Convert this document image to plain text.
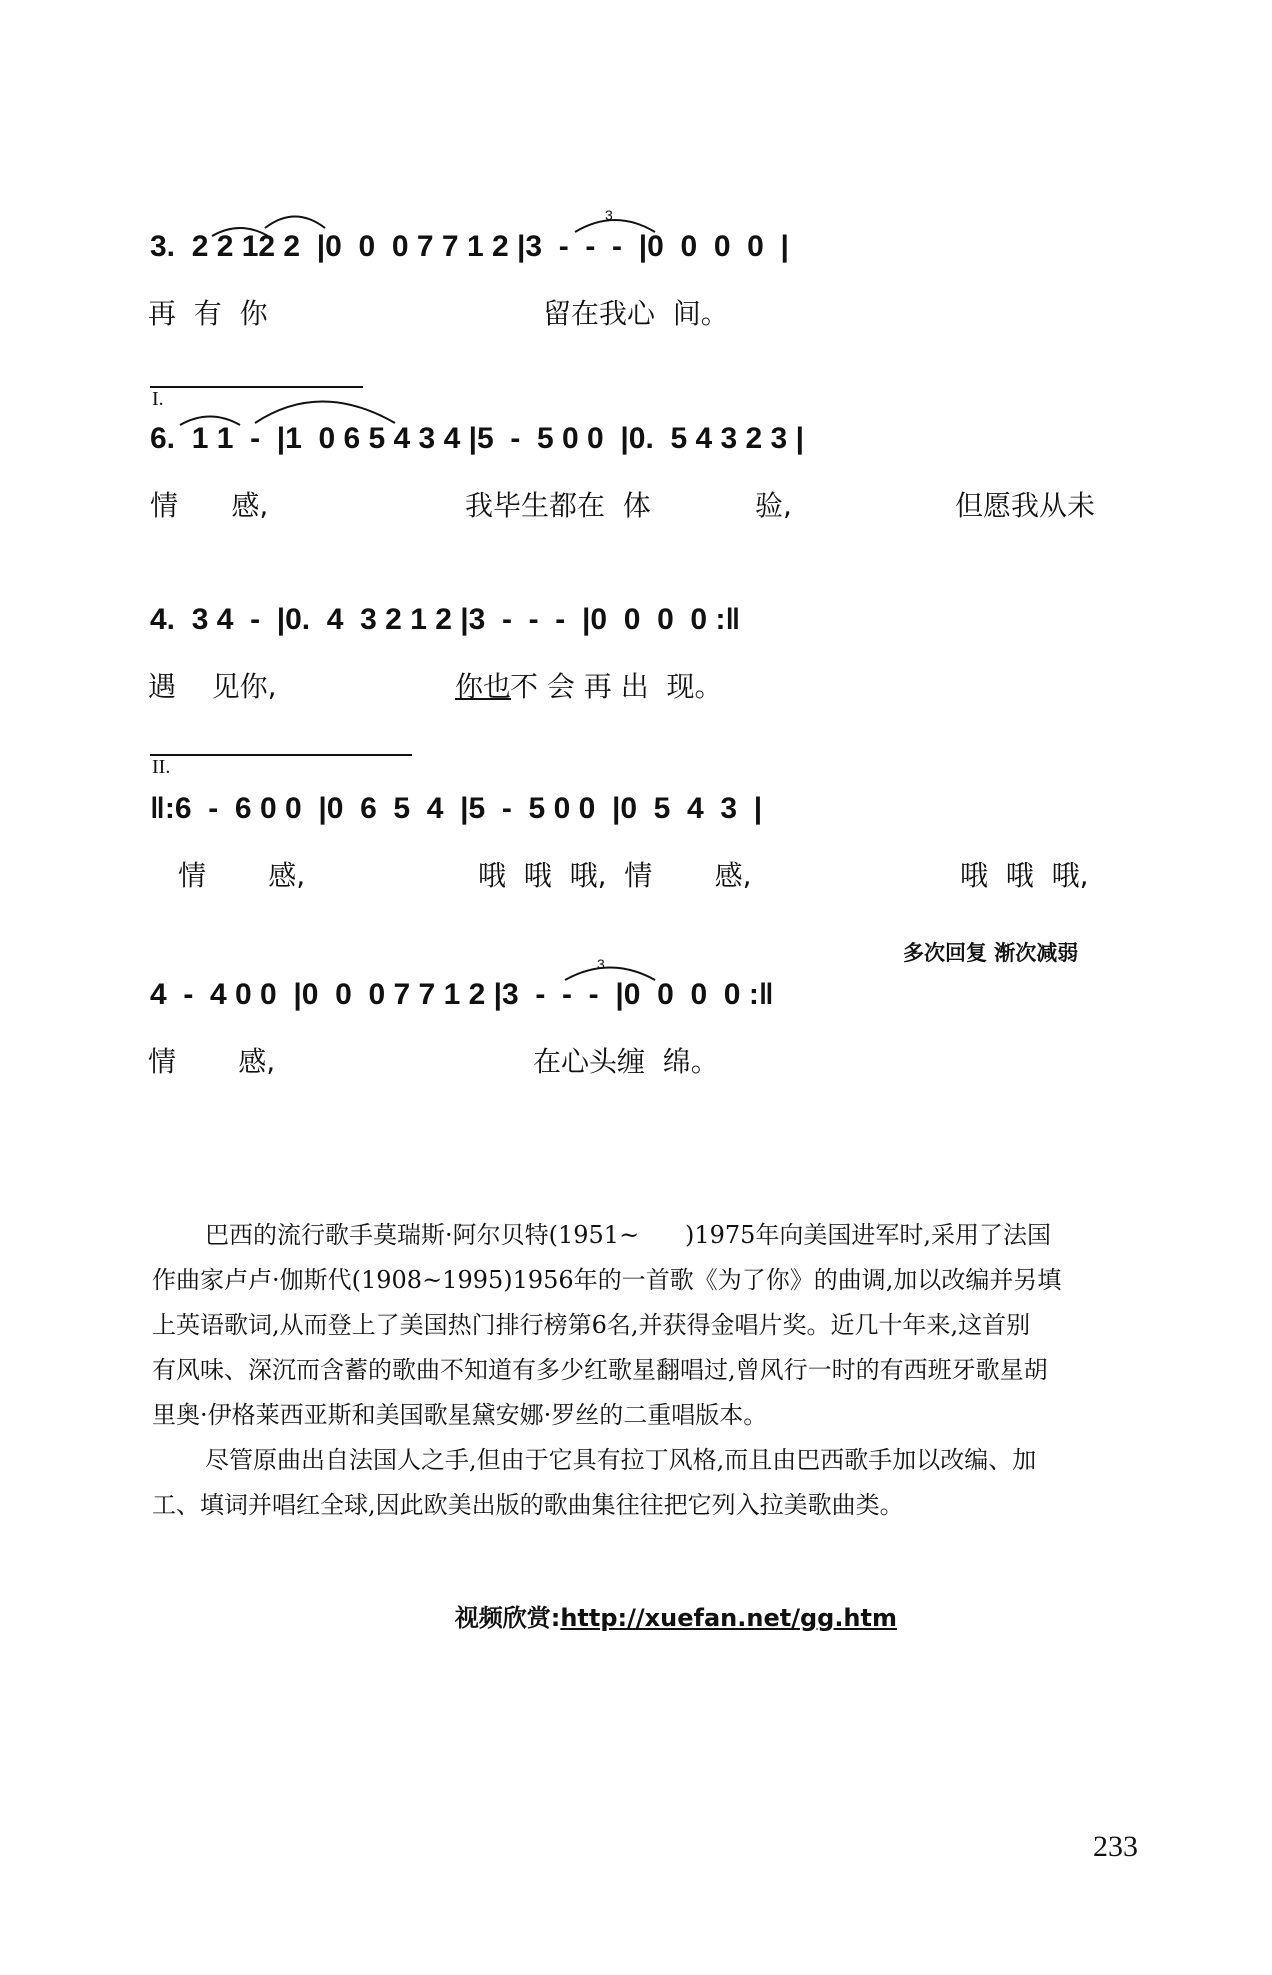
3
3
3.  2 2 12 2  |0  0  0 7 7 1 2 |3  -  -  -  |0  0  0  0  |
再  有  你	留在我心  间。
I.
6.  1 1  -  |1  0 6 5 4 3 4 |5  -  5 0 0  |0.  5 4 3 2 3 |
情      感,	我毕生都在  体	验,	但愿我从未
4.  3 4  -  |0.  4  3 2 1 2 |3  -  -  -  |0  0  0  0 :‖
遇    见你,	你也
不 会 再 出  现。
II.
‖:6  -  6 0 0  |0  6  5  4  |5  -  5 0 0  |0  5  4  3  |
情       感,	哦  哦  哦,  情       感,	哦  哦  哦,
多次回复 渐次减弱
4  -  4 0 0  |0  0  0 7 7 1 2 |3  -  -  -  |0  0  0  0 :‖
情       感,	在心头缠  绵。
巴西的流行歌手莫瑞斯·阿尔贝特(1951~      )1975年向美国进军时,采用了法国
作曲家卢卢·伽斯代(1908~1995)1956年的一首歌《为了你》的曲调,加以改编并另填
上英语歌词,从而登上了美国热门排行榜第6名,并获得金唱片奖。近几十年来,这首别
有风味、深沉而含蓄的歌曲不知道有多少红歌星翻唱过,曾风行一时的有西班牙歌星胡
里奥·伊格莱西亚斯和美国歌星黛安娜·罗丝的二重唱版本。
尽管原曲出自法国人之手,但由于它具有拉丁风格,而且由巴西歌手加以改编、加
工、填词并唱红全球,因此欧美出版的歌曲集往往把它列入拉美歌曲类。

视频欣赏:http://xuefan.net/gg.htm

233
